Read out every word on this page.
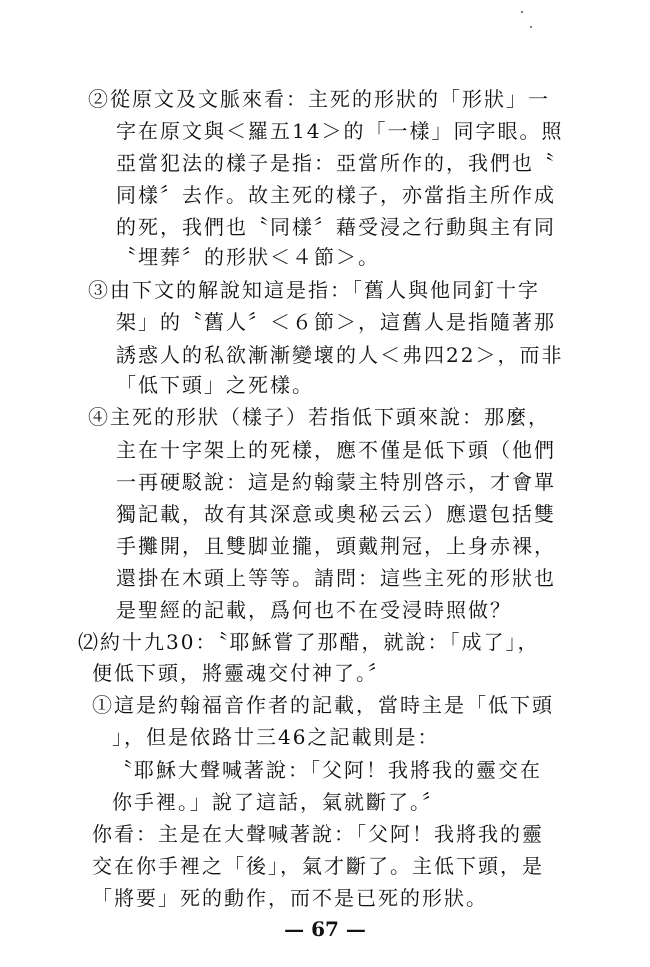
②從原文及文脈來看：主死的形狀的「形狀」一
字在原文與＜羅五14＞的「一樣」同字眼。照
亞當犯法的樣子是指：亞當所作的，我們也〝
同樣〞去作。故主死的樣子，亦當指主所作成
的死，我們也〝同樣〞藉受浸之行動與主有同
〝埋葬〞的形狀＜４節＞。
③由下文的解說知這是指：「舊人與他同釘十字
架」的〝舊人〞＜６節＞，這舊人是指隨著那
誘惑人的私欲漸漸變壞的人＜弗四22＞，而非
「低下頭」之死樣。
④主死的形狀（樣子）若指低下頭來說：那麼，
主在十字架上的死樣，應不僅是低下頭（他們
一再硬駁說：這是約翰蒙主特別啓示，才會單
獨記載，故有其深意或奧秘云云）應還包括雙
手攤開，且雙脚並攏，頭戴荆冠，上身赤裸，
還掛在木頭上等等。請問：這些主死的形狀也
是聖經的記載，爲何也不在受浸時照做？
⑵約十九30：〝耶穌嘗了那醋，就說：「成了」，
便低下頭，將靈魂交付神了。〞
①這是約翰福音作者的記載，當時主是「低下頭
」，但是依路廿三46之記載則是：
〝耶穌大聲喊著說：「父阿！我將我的靈交在
你手裡。」說了這話，氣就斷了。〞
你看：主是在大聲喊著說：「父阿！我將我的靈
交在你手裡之「後」，氣才斷了。主低下頭，是
「將要」死的動作，而不是已死的形狀。
— 67 —
